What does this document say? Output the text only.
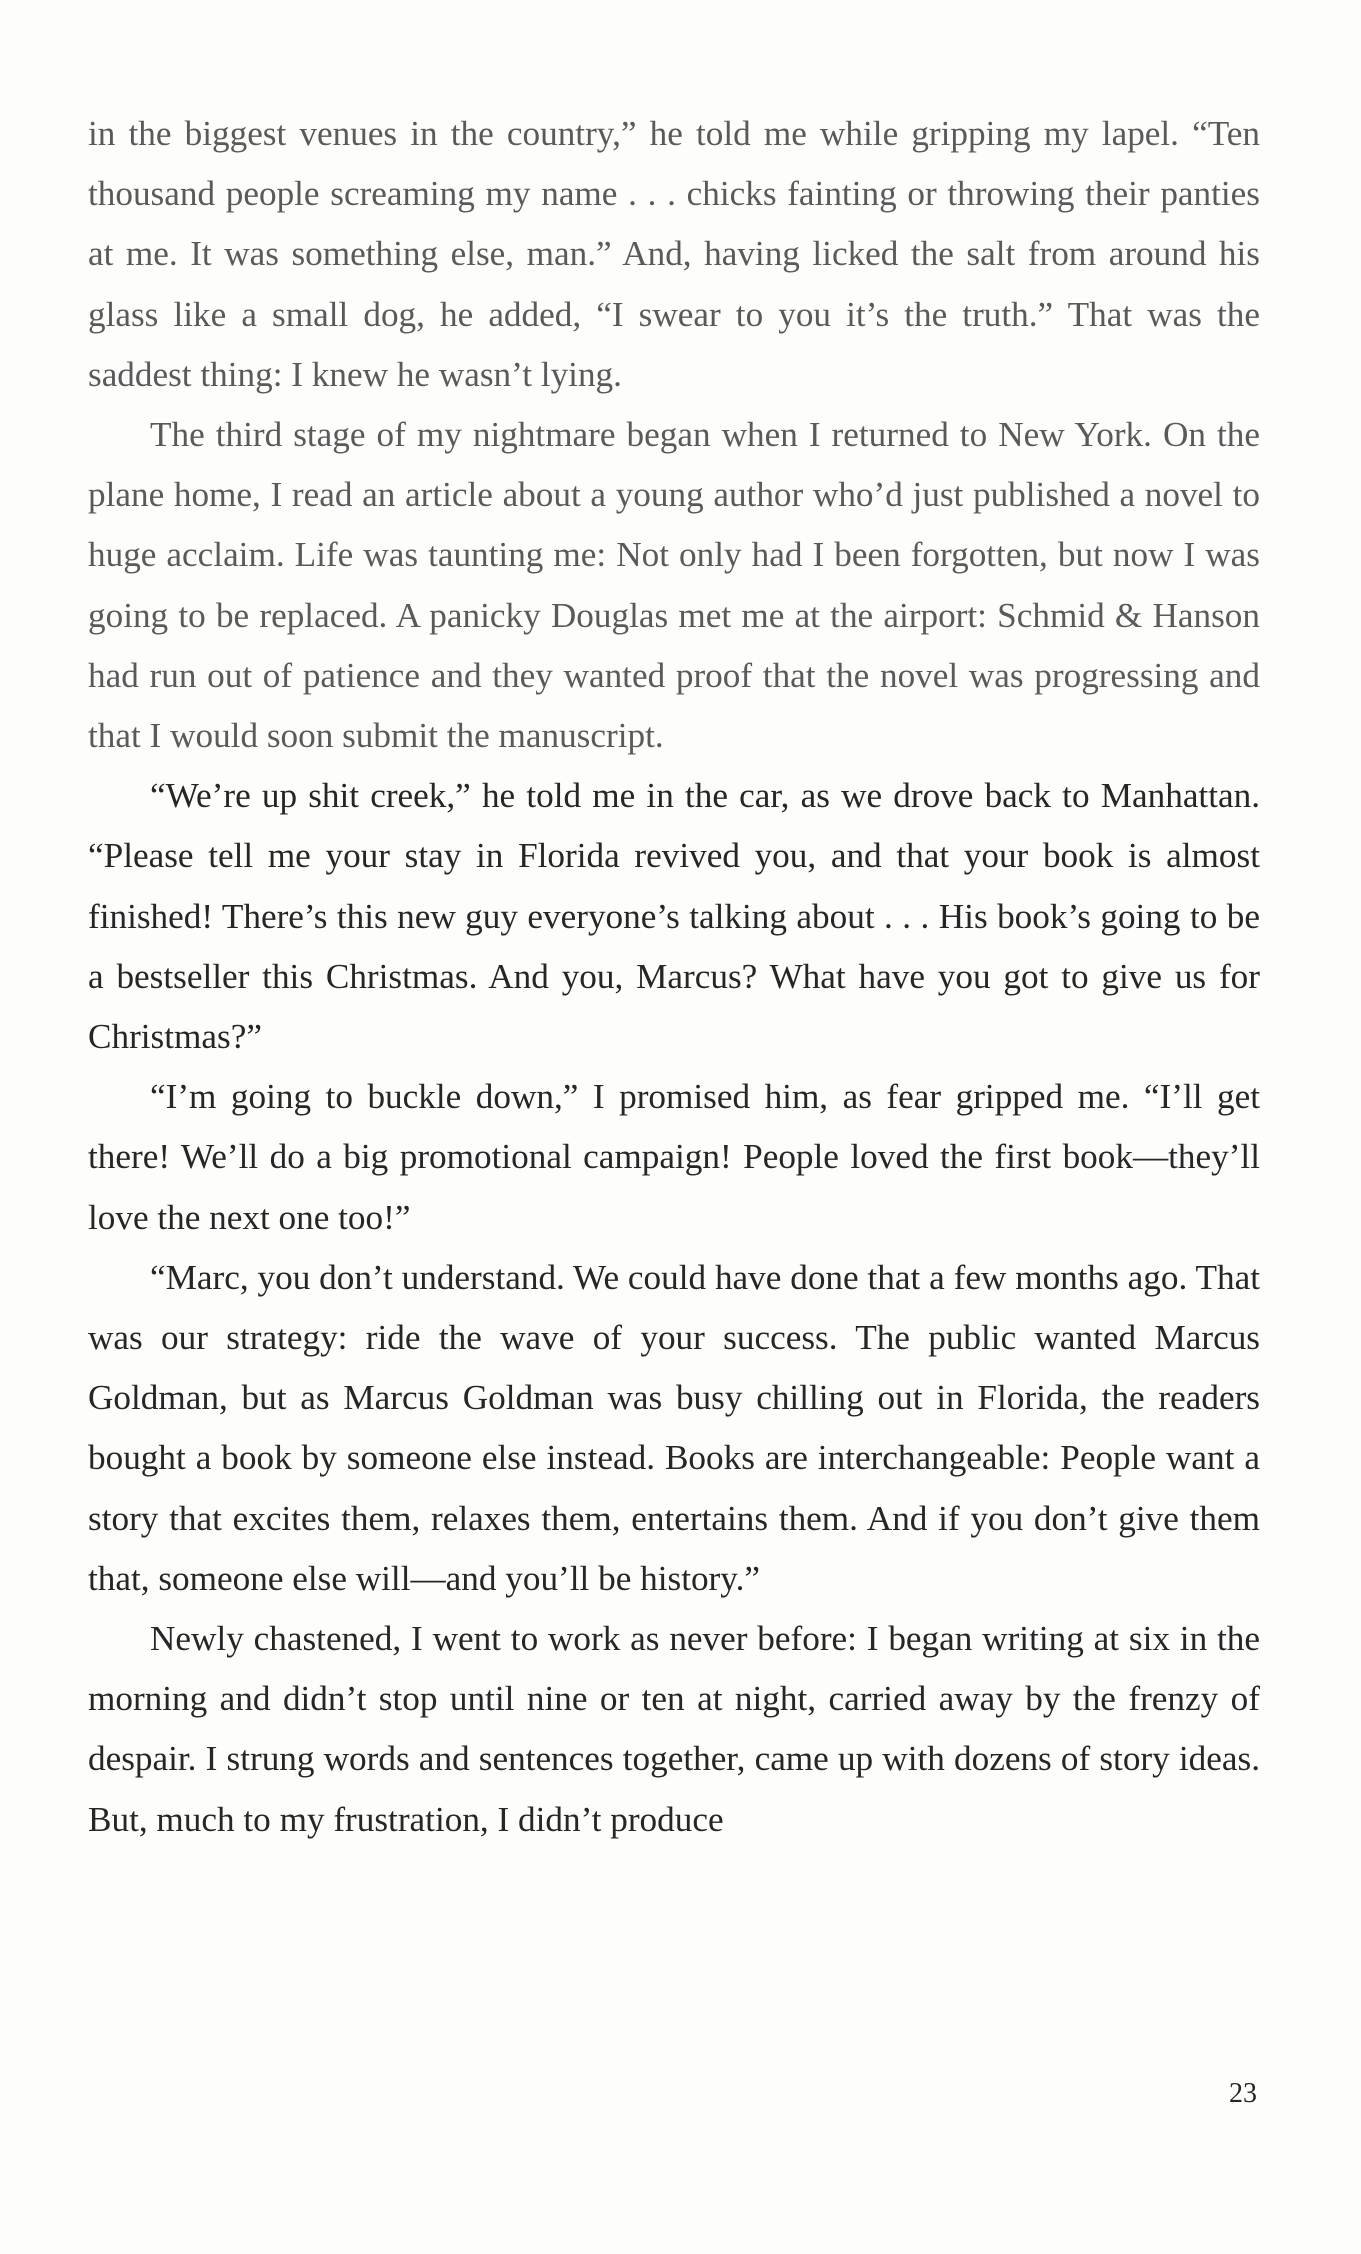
in the biggest venues in the country,” he told me while gripping my lapel. “Ten thousand people screaming my name . . . chicks fainting or throwing their panties at me. It was something else, man.” And, having licked the salt from around his glass like a small dog, he added, “I swear to you it’s the truth.” That was the saddest thing: I knew he wasn’t lying.

The third stage of my nightmare began when I returned to New York. On the plane home, I read an article about a young author who’d just published a novel to huge acclaim. Life was taunting me: Not only had I been forgotten, but now I was going to be replaced. A panicky Douglas met me at the airport: Schmid & Hanson had run out of patience and they wanted proof that the novel was progressing and that I would soon submit the manuscript.

“We’re up shit creek,” he told me in the car, as we drove back to Manhattan. “Please tell me your stay in Florida revived you, and that your book is almost finished! There’s this new guy everyone’s talking about . . . His book’s going to be a bestseller this Christmas. And you, Marcus? What have you got to give us for Christmas?”

“I’m going to buckle down,” I promised him, as fear gripped me. “I’ll get there! We’ll do a big promotional campaign! People loved the first book—they’ll love the next one too!”

“Marc, you don’t understand. We could have done that a few months ago. That was our strategy: ride the wave of your success. The public wanted Marcus Goldman, but as Marcus Goldman was busy chilling out in Florida, the readers bought a book by someone else instead. Books are interchangeable: People want a story that excites them, relaxes them, entertains them. And if you don’t give them that, someone else will—and you’ll be history.”

Newly chastened, I went to work as never before: I began writing at six in the morning and didn’t stop until nine or ten at night, carried away by the frenzy of despair. I strung words and sentences together, came up with dozens of story ideas. But, much to my frustration, I didn’t produce

23
